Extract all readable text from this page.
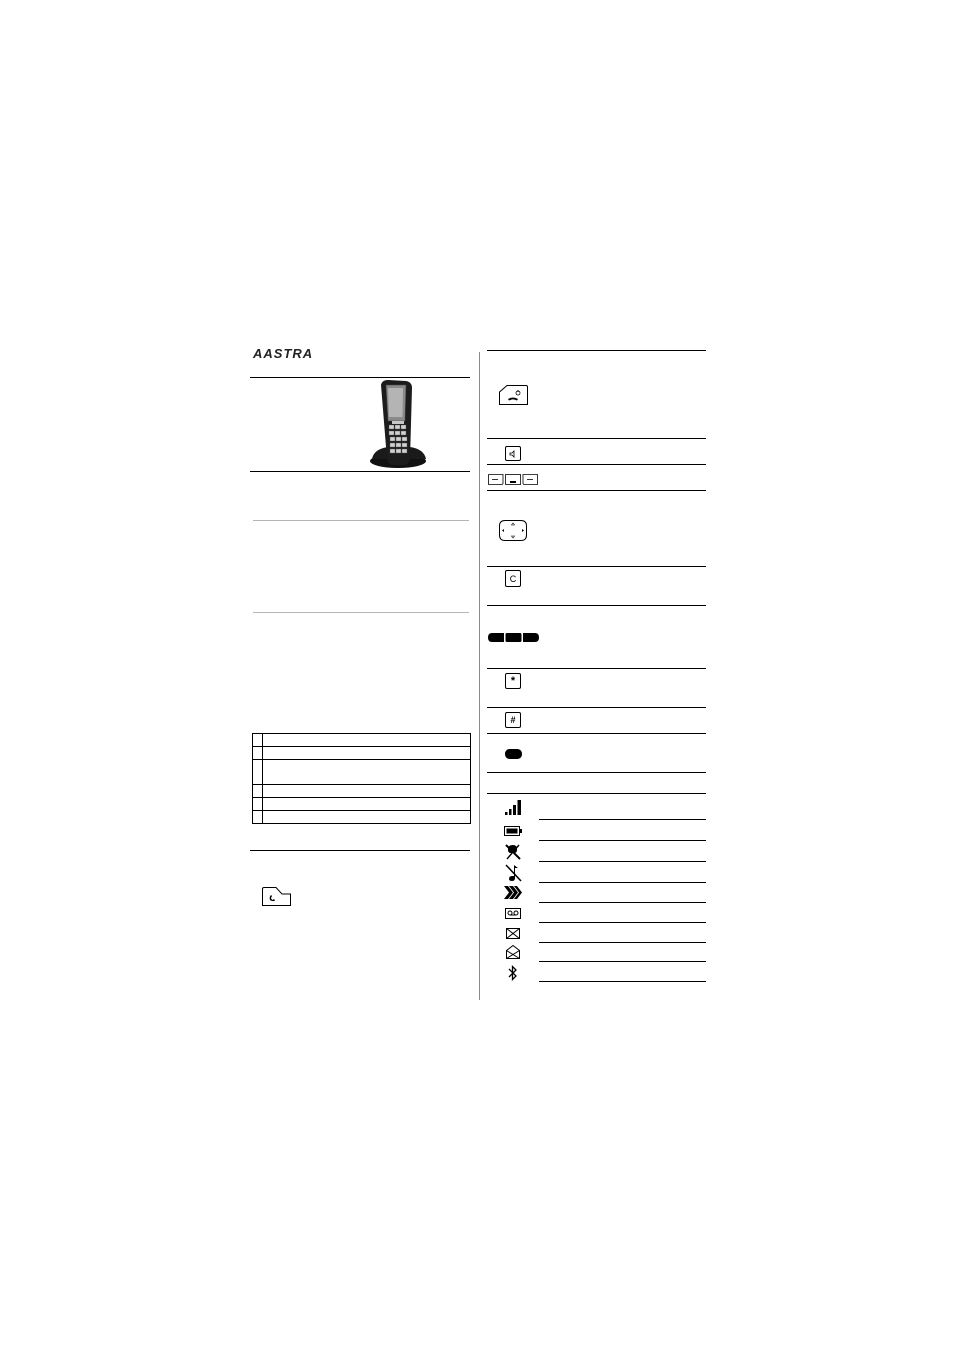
AASTRA

C
*
#
